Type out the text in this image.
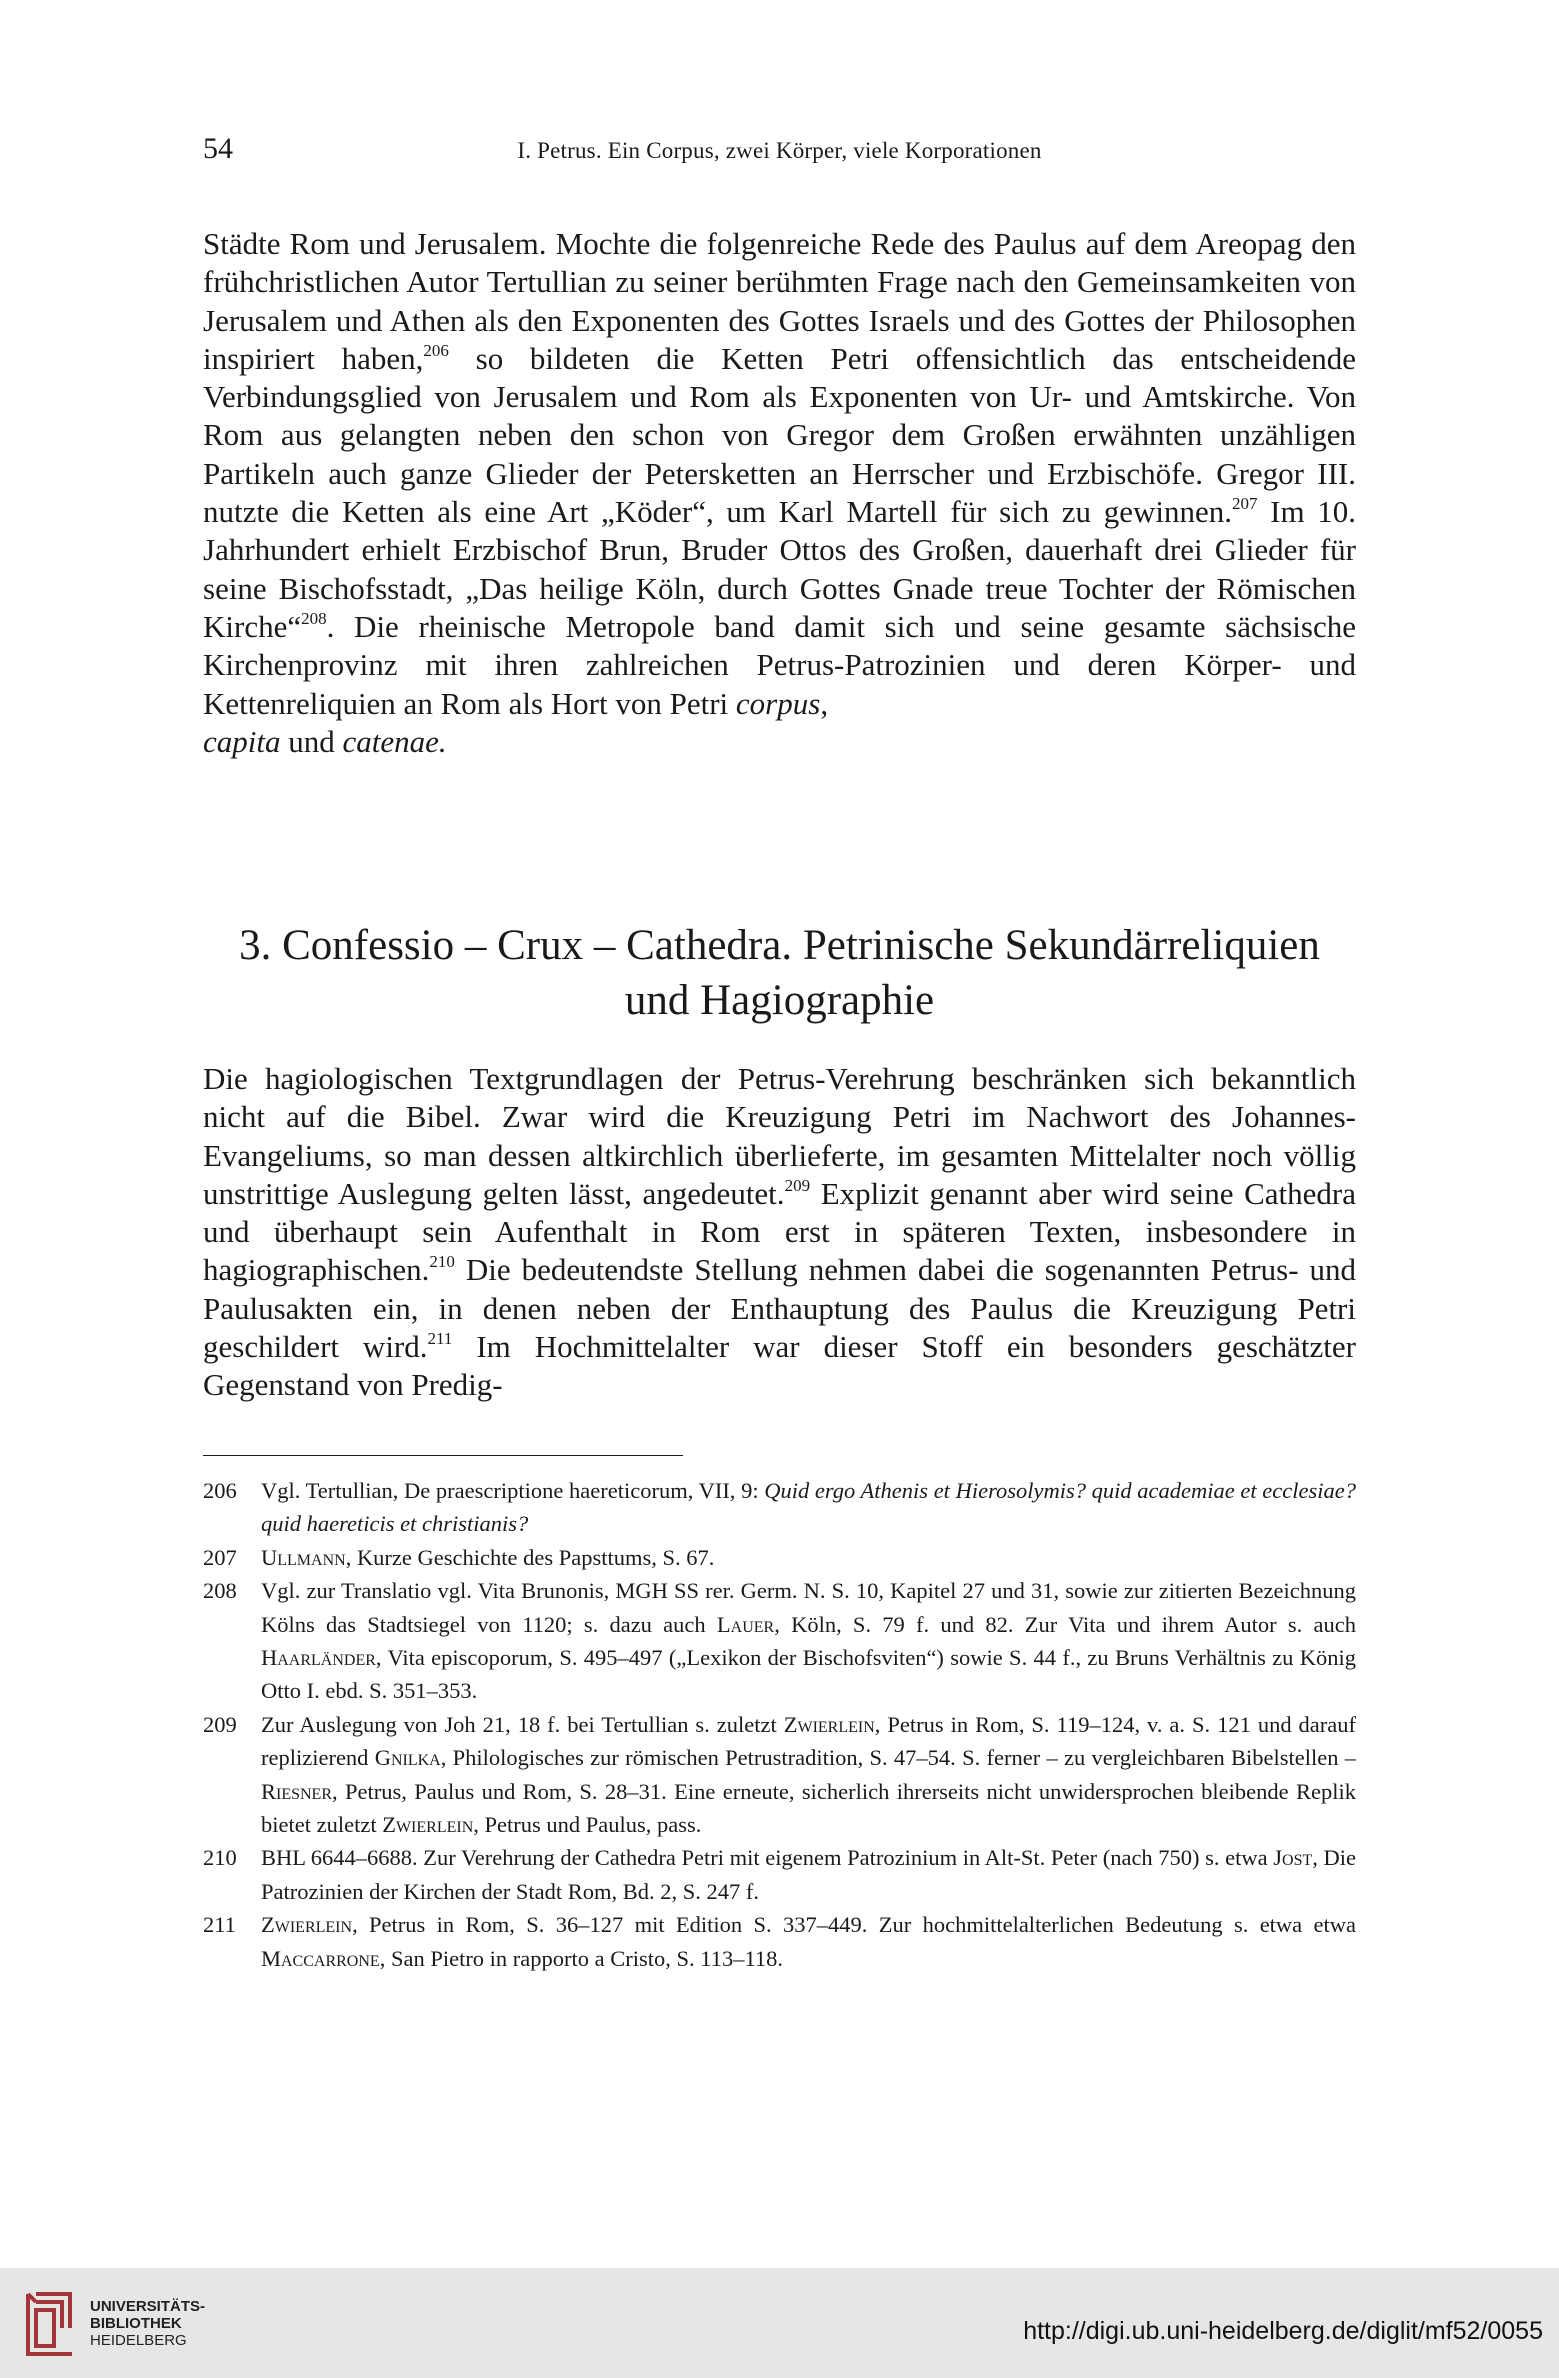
54	I. Petrus. Ein Corpus, zwei Körper, viele Korporationen

Städte Rom und Jerusalem. Mochte die folgenreiche Rede des Paulus auf dem Areopag den frühchristlichen Autor Tertullian zu seiner berühmten Frage nach den Gemeinsamkeiten von Jerusalem und Athen als den Exponenten des Gottes Israels und des Gottes der Philosophen inspiriert haben,$^{206}$ so bildeten die Ketten Petri offensichtlich das entscheidende Verbindungsglied von Jerusalem und Rom als Exponenten von Ur- und Amtskirche. Von Rom aus gelangten neben den schon von Gregor dem Großen erwähnten unzähligen Partikeln auch ganze Glieder der Petersketten an Herrscher und Erzbischöfe. Gregor III. nutzte die Ketten als eine Art „Köder“, um Karl Martell für sich zu gewinnen.$^{207}$ Im 10. Jahrhundert erhielt Erzbischof Brun, Bruder Ottos des Großen, dauerhaft drei Glieder für seine Bischofsstadt, „Das heilige Köln, durch Gottes Gnade treue Tochter der Römischen Kirche“$^{208}$. Die rheinische Metropole band damit sich und seine gesamte sächsische Kirchenprovinz mit ihren zahlreichen Petrus-Patrozinien und deren Körper- und Kettenreliquien an Rom als Hort von Petri corpus,
capita und catenae.

3. Confessio – Crux – Cathedra. Petrinische Sekundärreliquien
und Hagiographie

Die hagiologischen Textgrundlagen der Petrus-Verehrung beschränken sich bekanntlich nicht auf die Bibel. Zwar wird die Kreuzigung Petri im Nachwort des Johannes-Evangeliums, so man dessen altkirchlich überlieferte, im gesamten Mittelalter noch völlig unstrittige Auslegung gelten lässt, angedeutet.$^{209}$ Explizit genannt aber wird seine Cathedra und überhaupt sein Aufenthalt in Rom erst in späteren Texten, insbesondere in hagiographischen.$^{210}$ Die bedeutendste Stellung nehmen dabei die sogenannten Petrus- und Paulusakten ein, in denen neben der Enthauptung des Paulus die Kreuzigung Petri geschildert wird.$^{211}$ Im Hochmittelalter war dieser Stoff ein besonders geschätzter Gegenstand von Predig-

206	Vgl. Tertullian, De praescriptione haereticorum, VII, 9: Quid ergo Athenis et Hierosolymis? quid academiae et ecclesiae? quid haereticis et christianis?

207	Ullmann, Kurze Geschichte des Papsttums, S. 67.

208	Vgl. zur Translatio vgl. Vita Brunonis, MGH SS rer. Germ. N. S. 10, Kapitel 27 und 31, sowie zur zitierten Bezeichnung Kölns das Stadtsiegel von 1120; s. dazu auch Lauer, Köln, S. 79 f. und 82. Zur Vita und ihrem Autor s. auch Haarländer, Vita episcoporum, S. 495–497 („Lexikon der Bischofsviten“) sowie S. 44 f., zu Bruns Verhältnis zu König Otto I. ebd. S. 351–353.

209	Zur Auslegung von Joh 21, 18 f. bei Tertullian s. zuletzt Zwierlein, Petrus in Rom, S. 119–124, v. a. S. 121 und darauf replizierend Gnilka, Philologisches zur römischen Petrustradition, S. 47–54. S. ferner – zu vergleichbaren Bibelstellen – Riesner, Petrus, Paulus und Rom, S. 28–31. Eine erneute, sicherlich ihrerseits nicht unwidersprochen bleibende Replik bietet zuletzt Zwierlein, Petrus und Paulus, pass.

210	BHL 6644–6688. Zur Verehrung der Cathedra Petri mit eigenem Patrozinium in Alt-St. Peter (nach 750) s. etwa Jost, Die Patrozinien der Kirchen der Stadt Rom, Bd. 2, S. 247 f.

211	Zwierlein, Petrus in Rom, S. 36–127 mit Edition S. 337–449. Zur hochmittelalterlichen Bedeutung s. etwa etwa Maccarrone, San Pietro in rapporto a Cristo, S. 113–118.

UNIVERSITÄTS-
BIBLIOTHEK
HEIDELBERG	http://digi.ub.uni-heidelberg.de/diglit/mf52/0055
